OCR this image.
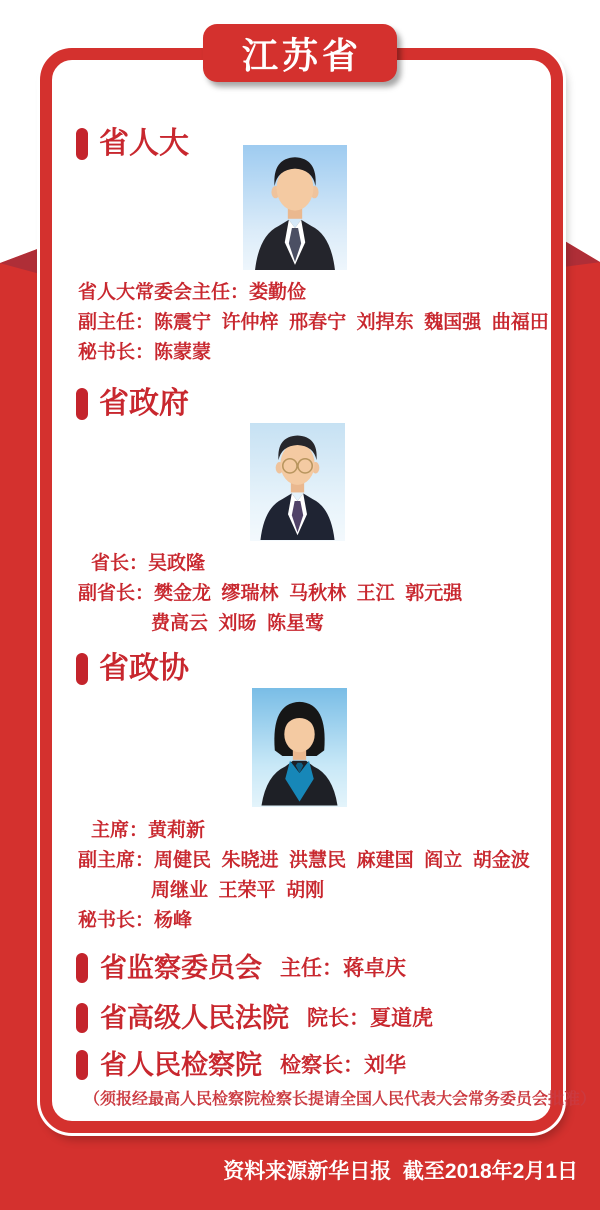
江苏省
省人大
省人大常委会主任：娄勤俭
副主任：陈震宁  许仲梓  邢春宁  刘捍东  魏国强  曲福田
秘书长：陈蒙蒙
省政府
省长：吴政隆
副省长：樊金龙  缪瑞林  马秋林  王江  郭元强
费高云  刘旸  陈星莺
省政协
主席：黄莉新
副主席：周健民  朱晓进  洪慧民  麻建国  阎立  胡金波
周继业  王荣平  胡刚
秘书长：杨峰
省监察委员会 主任：蒋卓庆
省高级人民法院 院长：夏道虎
省人民检察院 检察长：刘华
（须报经最高人民检察院检察长提请全国人民代表大会常务委员会批准）
资料来源新华日报  截至2018年2月1日
